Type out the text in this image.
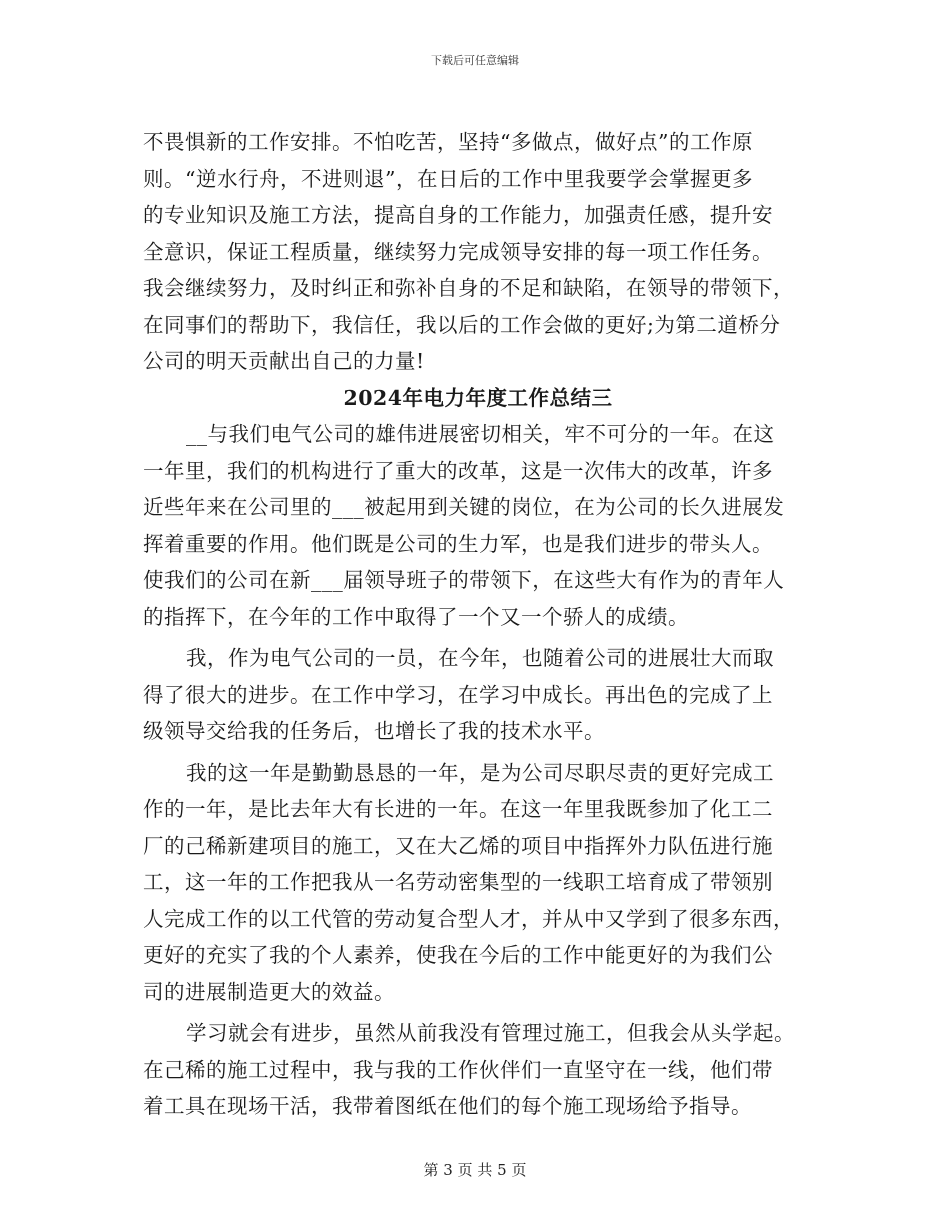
下载后可任意编辑
不畏惧新的工作安排。不怕吃苦，坚持“多做点，做好点”的工作原
则。“逆水行舟，不进则退”，在日后的工作中里我要学会掌握更多
的专业知识及施工方法，提高自身的工作能力，加强责任感，提升安
全意识，保证工程质量，继续努力完成领导安排的每一项工作任务。
我会继续努力，及时纠正和弥补自身的不足和缺陷，在领导的带领下，
在同事们的帮助下，我信任，我以后的工作会做的更好;为第二道桥分
公司的明天贡献出自己的力量!
2024年电力年度工作总结三
__与我们电气公司的雄伟进展密切相关，牢不可分的一年。在这
一年里，我们的机构进行了重大的改革，这是一次伟大的改革，许多
近些年来在公司里的___被起用到关键的岗位，在为公司的长久进展发
挥着重要的作用。他们既是公司的生力军，也是我们进步的带头人。
使我们的公司在新___届领导班子的带领下，在这些大有作为的青年人
的指挥下，在今年的工作中取得了一个又一个骄人的成绩。
我，作为电气公司的一员，在今年，也随着公司的进展壮大而取
得了很大的进步。在工作中学习，在学习中成长。再出色的完成了上
级领导交给我的任务后，也增长了我的技术水平。
我的这一年是勤勤恳恳的一年，是为公司尽职尽责的更好完成工
作的一年，是比去年大有长进的一年。在这一年里我既参加了化工二
厂的己稀新建项目的施工，又在大乙烯的项目中指挥外力队伍进行施
工，这一年的工作把我从一名劳动密集型的一线职工培育成了带领别
人完成工作的以工代管的劳动复合型人才，并从中又学到了很多东西，
更好的充实了我的个人素养，使我在今后的工作中能更好的为我们公
司的进展制造更大的效益。
学习就会有进步，虽然从前我没有管理过施工，但我会从头学起。
在己稀的施工过程中，我与我的工作伙伴们一直坚守在一线，他们带
着工具在现场干活，我带着图纸在他们的每个施工现场给予指导。
第 3 页 共 5 页
